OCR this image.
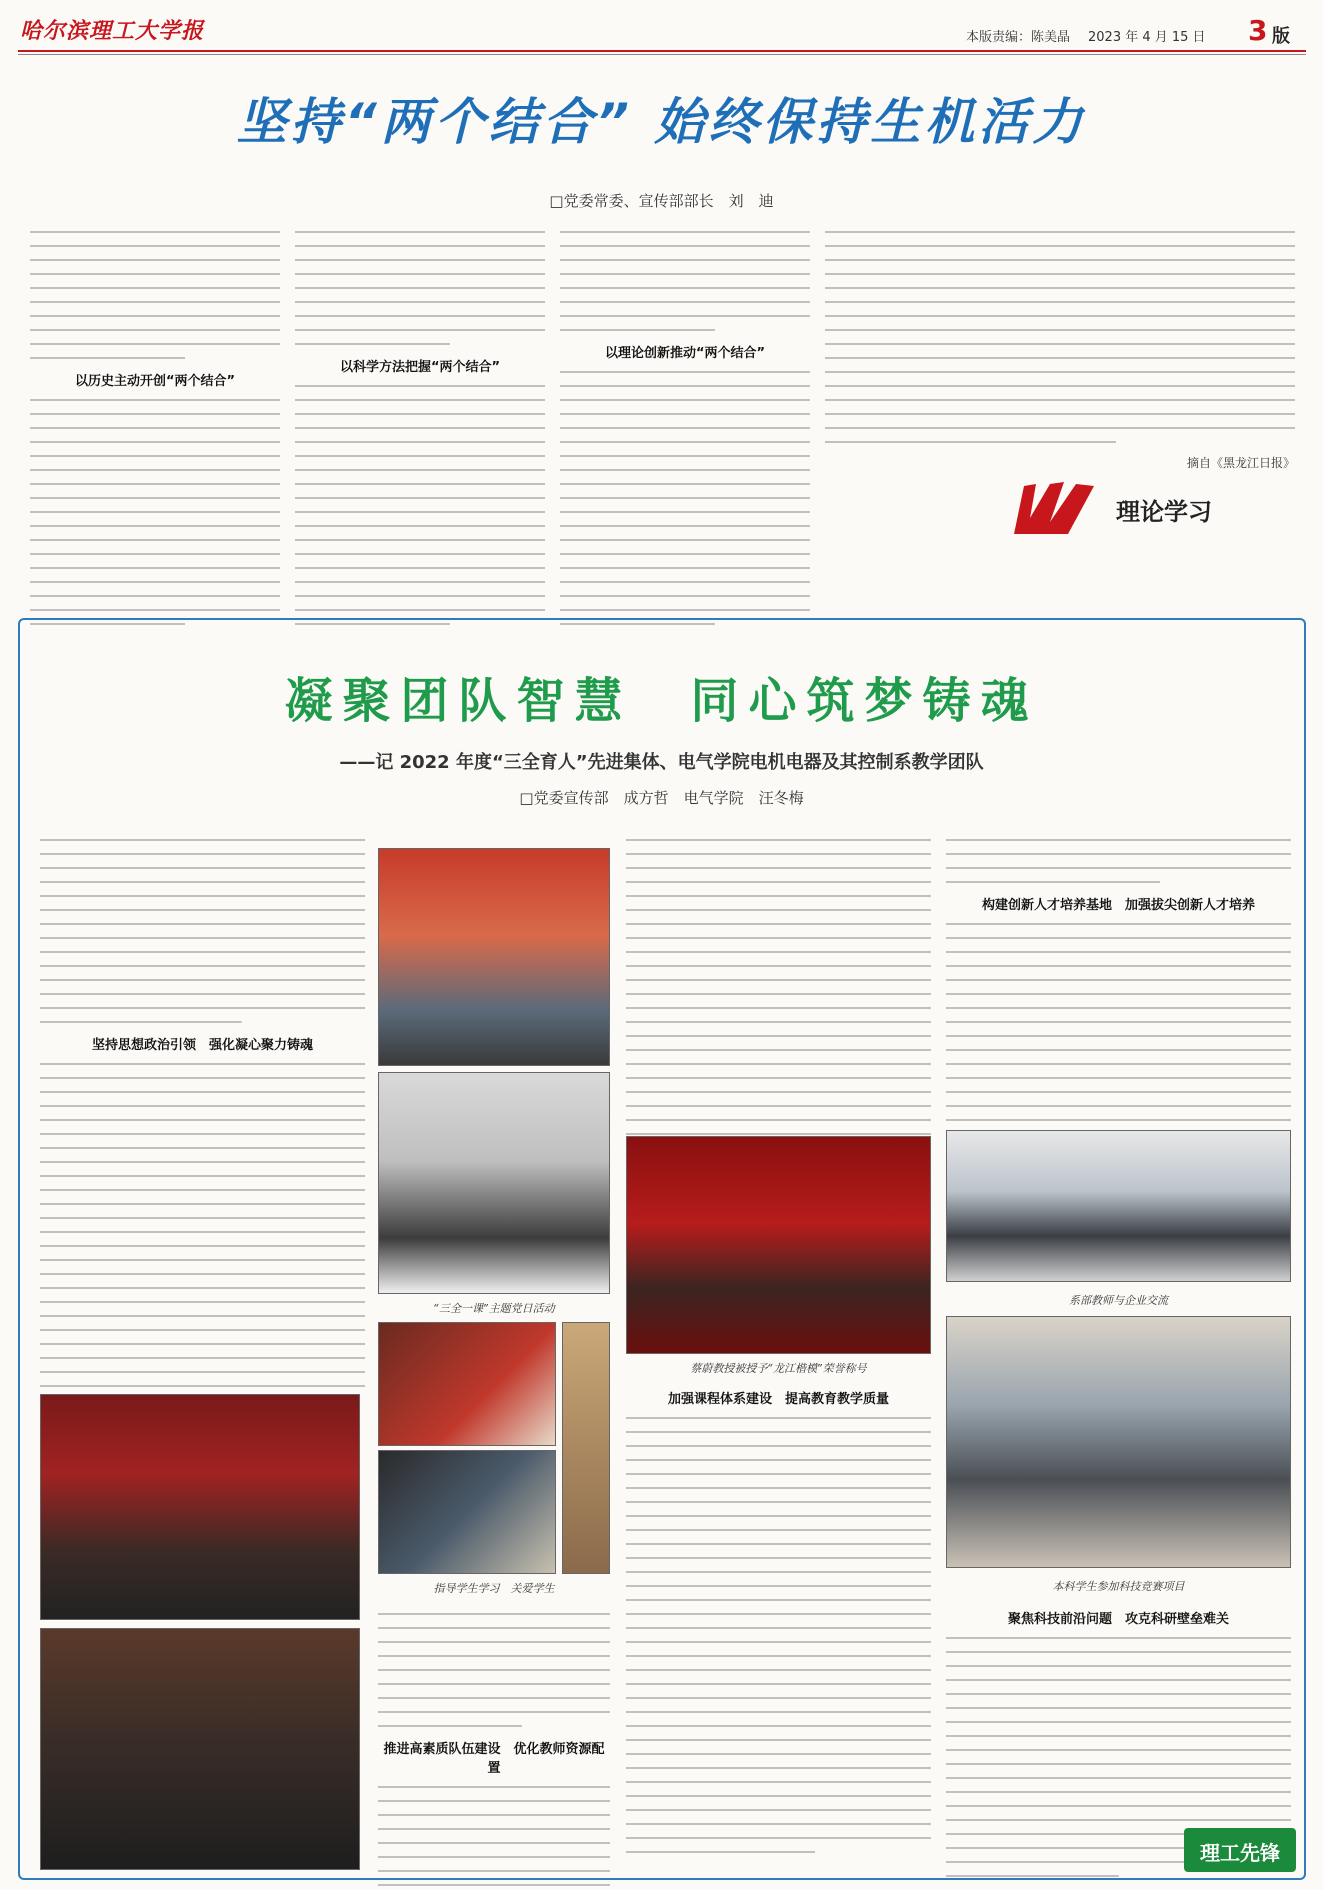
哈尔滨理工大学报	本版责编：陈美晶 2023 年 4 月 15 日 3 版
坚持“两个结合” 始终保持生机活力
□党委常委、宣传部部长　刘　迪
以历史主动开创“两个结合”
以科学方法把握“两个结合”
以理论创新推动“两个结合”
摘自《黑龙江日报》
理论学习
凝聚团队智慧　同心筑梦铸魂
——记 2022 年度“三全育人”先进集体、电气学院电机电器及其控制系教学团队
□党委宣传部　成方哲　电气学院　汪冬梅
坚持思想政治引领　强化凝心聚力铸魂
“三全一课”主题党日活动
指导学生学习　关爱学生
推进高素质队伍建设　优化教师资源配置
蔡蔚教授被授予“龙江楷模”荣誉称号
加强课程体系建设　提高教育教学质量
构建创新人才培养基地　加强拔尖创新人才培养
系部教师与企业交流
本科学生参加科技竞赛项目
聚焦科技前沿问题　攻克科研壁垒难关
理工先锋
